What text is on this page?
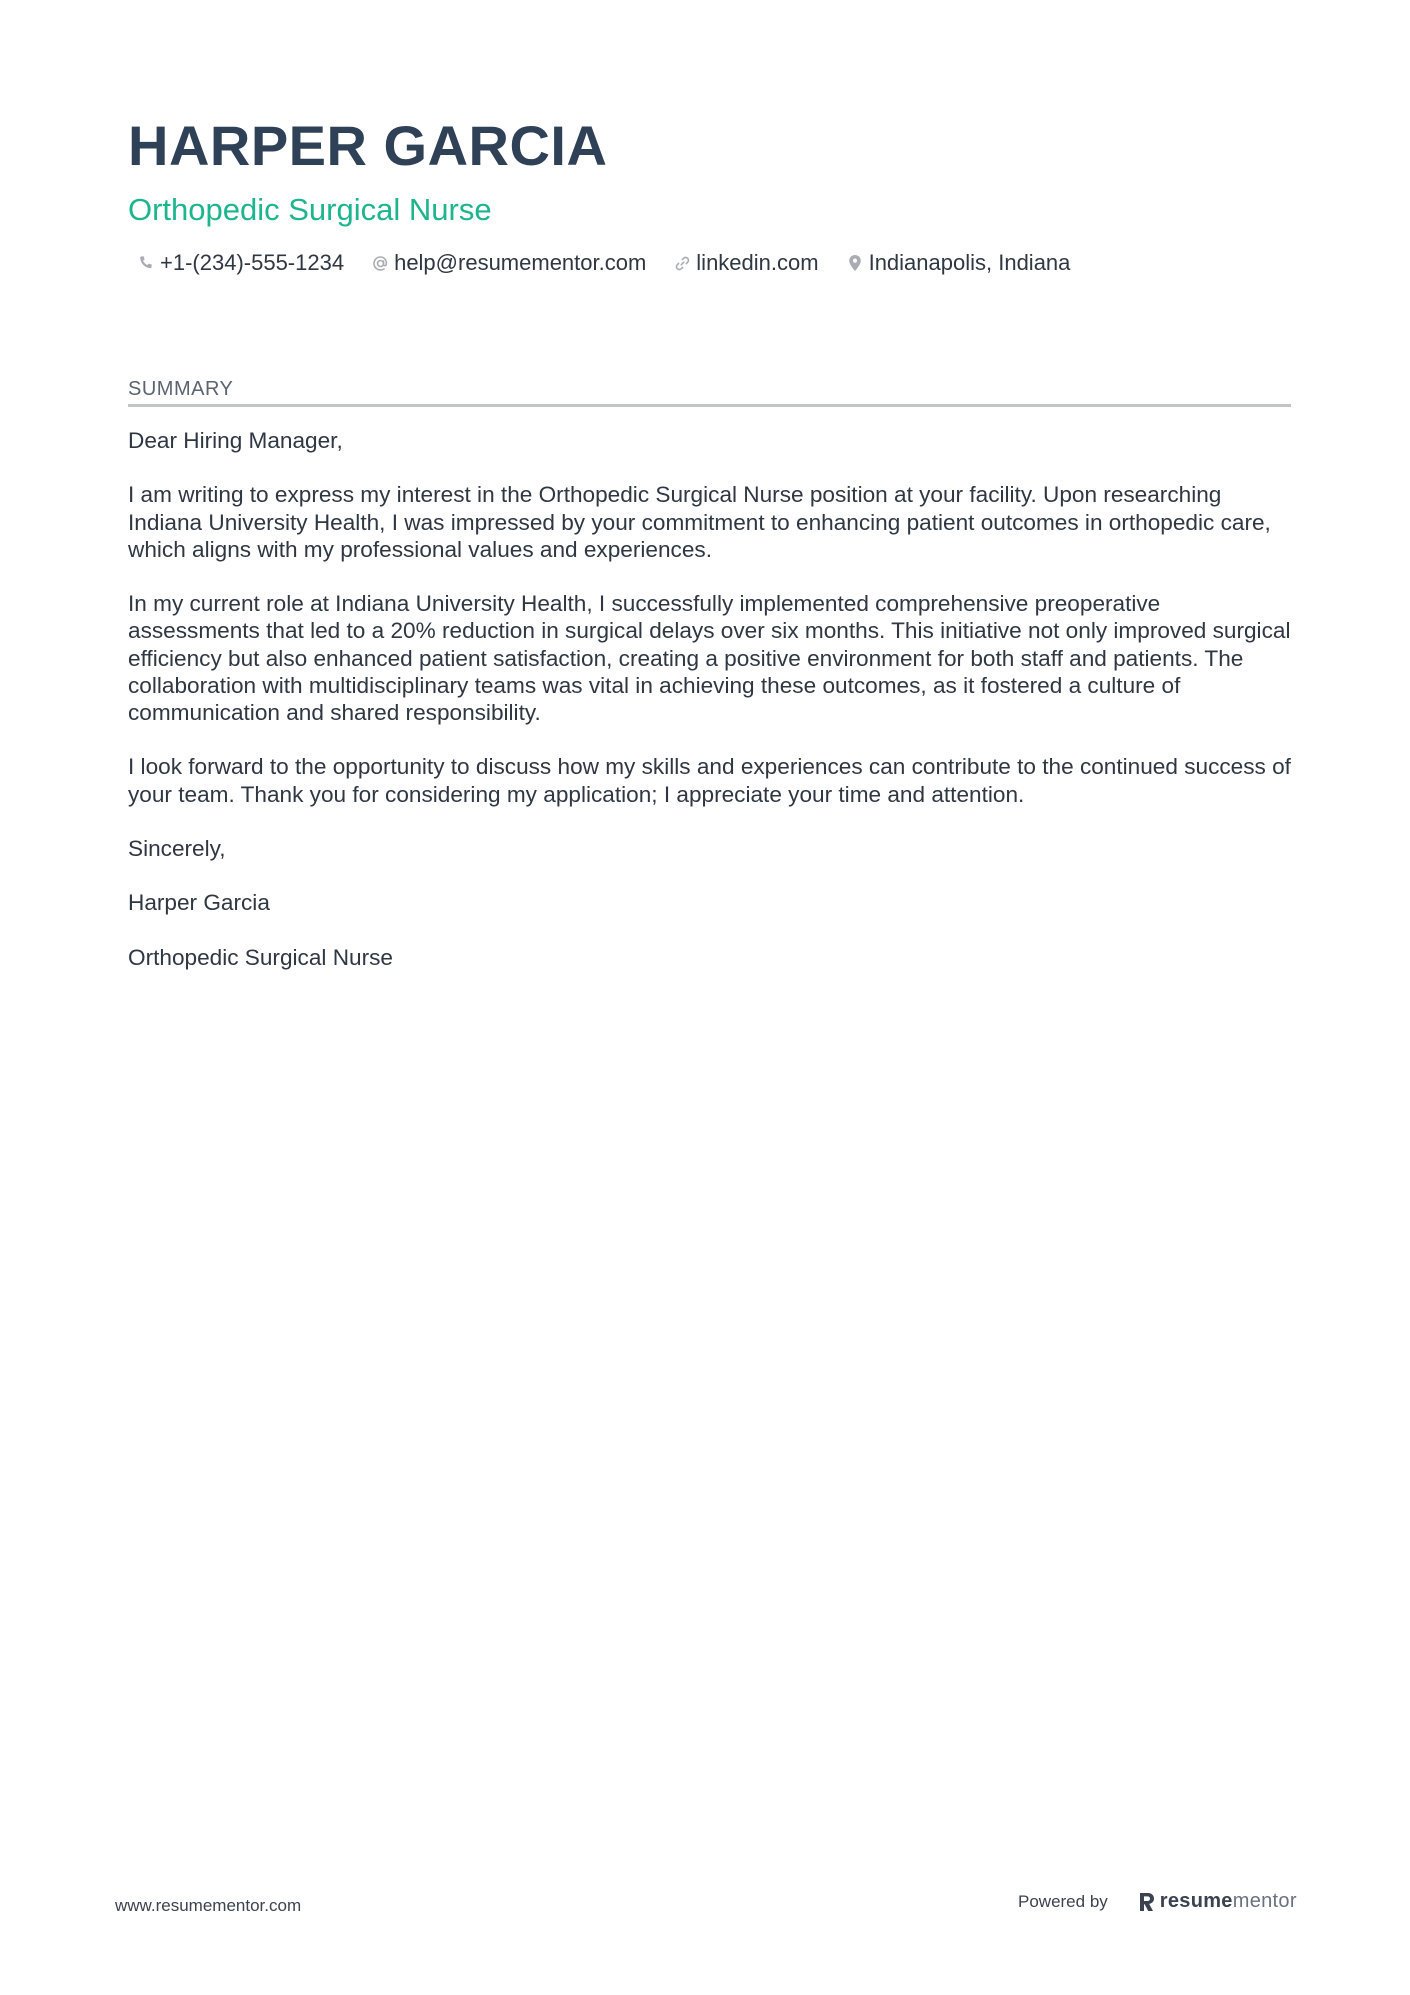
HARPER GARCIA
Orthopedic Surgical Nurse
+1-(234)-555-1234 help@resumementor.com linkedin.com Indianapolis, Indiana
SUMMARY

Dear Hiring Manager,

I am writing to express my interest in the Orthopedic Surgical Nurse position at your facility. Upon researching Indiana University Health, I was impressed by your commitment to enhancing patient outcomes in orthopedic care, which aligns with my professional values and experiences.

In my current role at Indiana University Health, I successfully implemented comprehensive preoperative assessments that led to a 20% reduction in surgical delays over six months. This initiative not only improved surgical efficiency but also enhanced patient satisfaction, creating a positive environment for both staff and patients. The collaboration with multidisciplinary teams was vital in achieving these outcomes, as it fostered a culture of communication and shared responsibility.

I look forward to the opportunity to discuss how my skills and experiences can contribute to the continued success of your team. Thank you for considering my application; I appreciate your time and attention.

Sincerely,

Harper Garcia

Orthopedic Surgical Nurse

www.resumementor.com	Powered by	resumementor
